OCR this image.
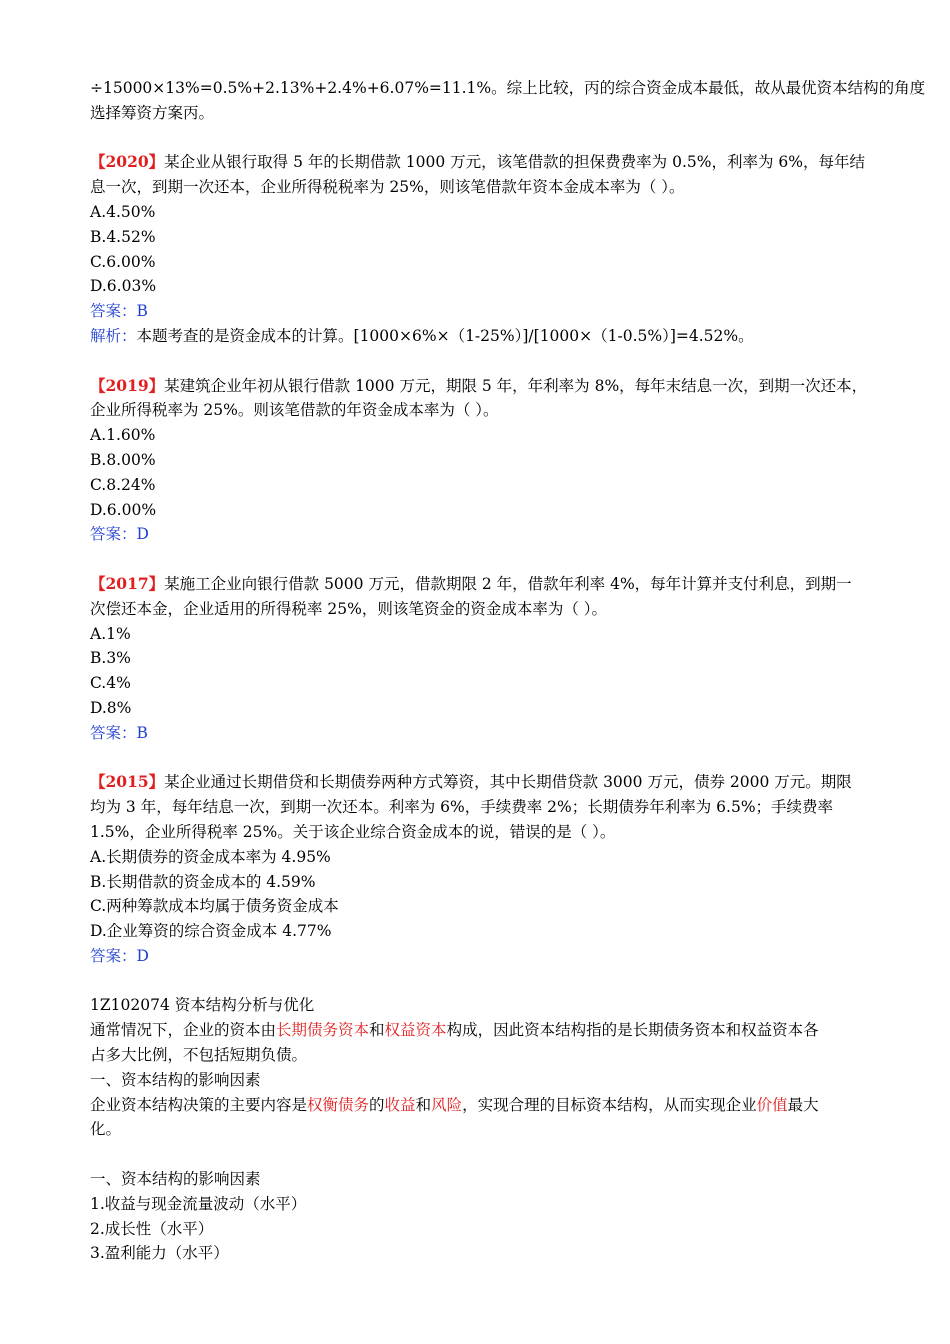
÷15000×13%=0.5%+2.13%+2.4%+6.07%=11.1%。综上比较，丙的综合资金成本最低，故从最优资本结构的角度
选择筹资方案丙。
【2020】某企业从银行取得 5 年的长期借款 1000 万元，该笔借款的担保费费率为 0.5%，利率为 6%，每年结
息一次，到期一次还本，企业所得税税率为 25%，则该笔借款年资本金成本率为（ ）。
A.4.50%
B.4.52%
C.6.00%
D.6.03%
答案：B
解析：本题考查的是资金成本的计算。[1000×6%×（1-25%）]/[1000×（1-0.5%）]=4.52%。
【2019】某建筑企业年初从银行借款 1000 万元，期限 5 年，年利率为 8%，每年末结息一次，到期一次还本，
企业所得税率为 25%。则该笔借款的年资金成本率为（ ）。
A.1.60%
B.8.00%
C.8.24%
D.6.00%
答案：D
【2017】某施工企业向银行借款 5000 万元，借款期限 2 年，借款年利率 4%，每年计算并支付利息，到期一
次偿还本金，企业适用的所得税率 25%，则该笔资金的资金成本率为（ ）。
A.1%
B.3%
C.4%
D.8%
答案：B
【2015】某企业通过长期借贷和长期债券两种方式筹资，其中长期借贷款 3000 万元，债券 2000 万元。期限
均为 3 年，每年结息一次，到期一次还本。利率为 6%，手续费率 2%；长期债券年利率为 6.5%；手续费率
1.5%，企业所得税率 25%。关于该企业综合资金成本的说，错误的是（ ）。
A.长期债券的资金成本率为 4.95%
B.长期借款的资金成本的 4.59%
C.两种筹款成本均属于债务资金成本
D.企业筹资的综合资金成本 4.77%
答案：D
1Z102074 资本结构分析与优化
通常情况下，企业的资本由长期债务资本和权益资本构成，因此资本结构指的是长期债务资本和权益资本各
占多大比例，不包括短期负债。
一、资本结构的影响因素
企业资本结构决策的主要内容是权衡债务的收益和风险，实现合理的目标资本结构，从而实现企业价值最大
化。
一、资本结构的影响因素
1.收益与现金流量波动（水平）
2.成长性（水平）
3.盈利能力（水平）
